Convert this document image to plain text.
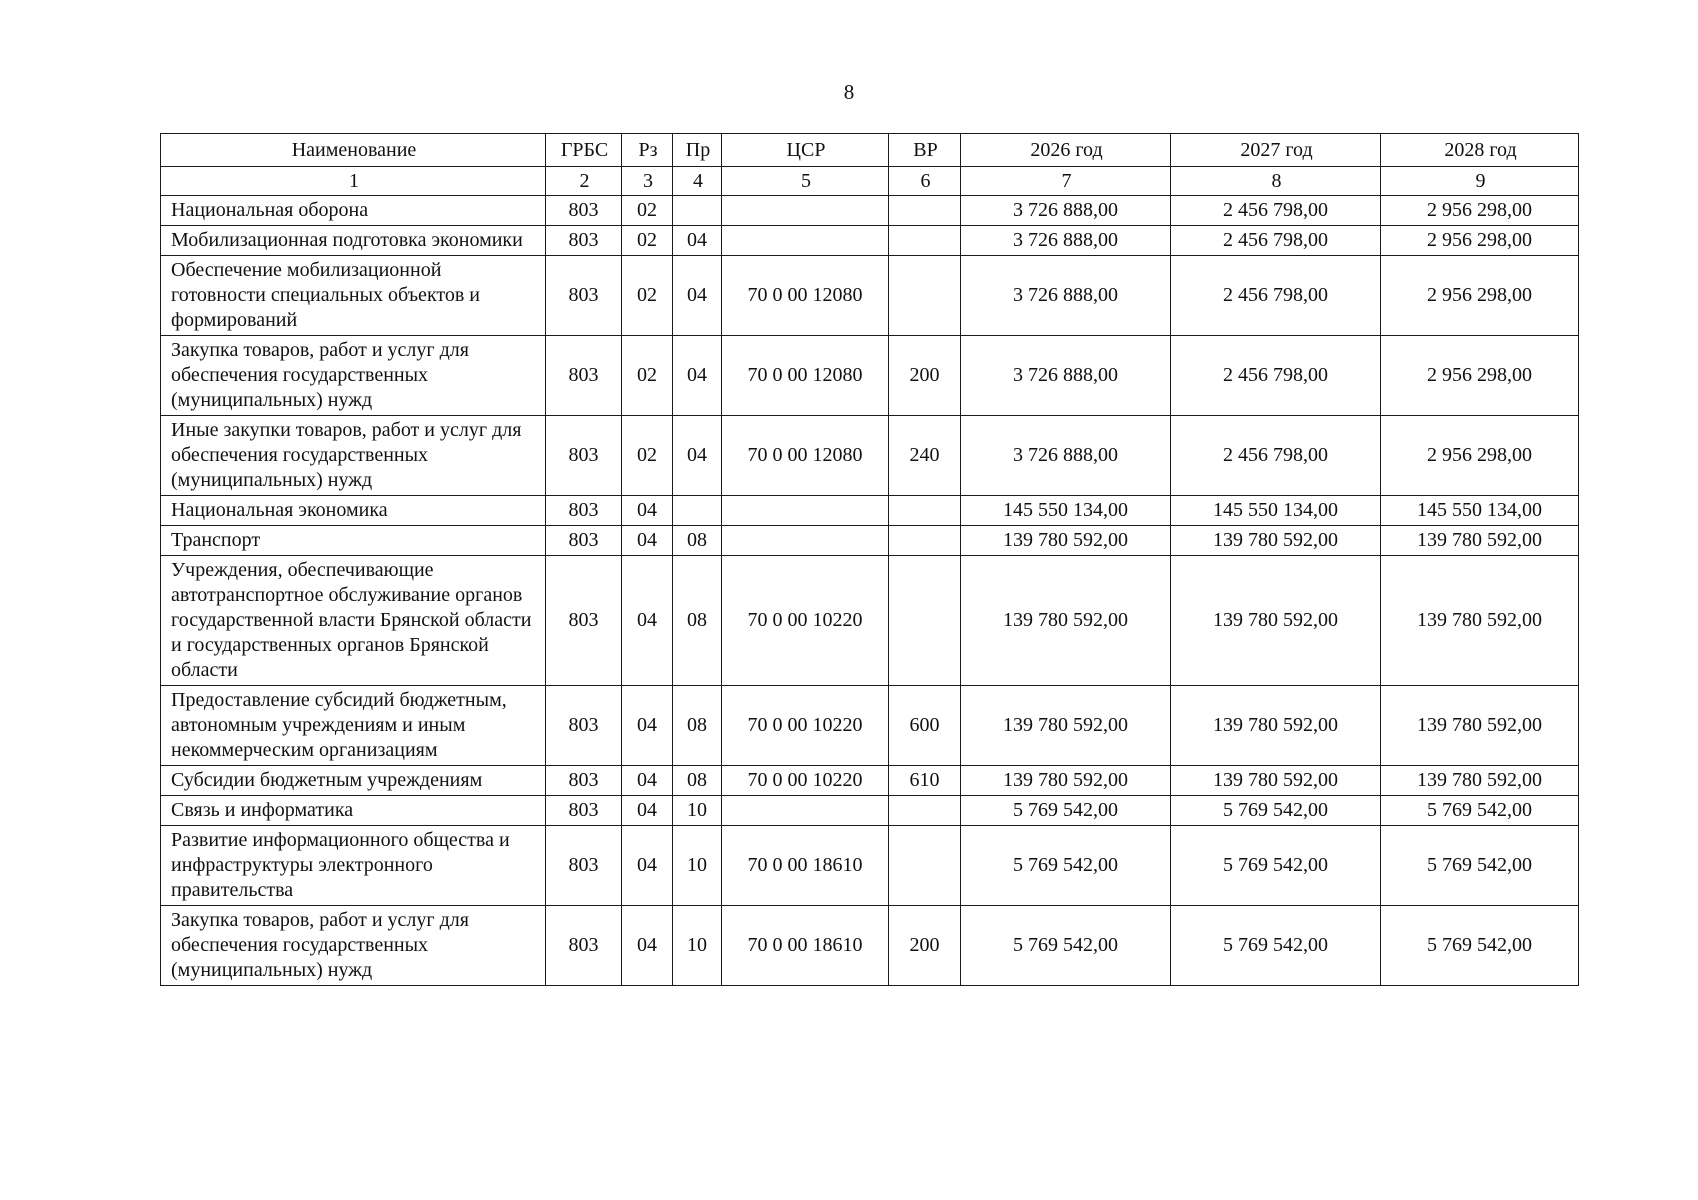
8
Наименование	ГРБС	Рз	Пр	ЦСР	ВР	2026 год	2027 год	2028 год
1	2	3	4	5	6	7	8	9
Национальная оборона	803	02				3 726 888,00	2 456 798,00	2 956 298,00
Мобилизационная подготовка экономики	803	02	04			3 726 888,00	2 456 798,00	2 956 298,00
Обеспечение мобилизационной готовности специальных объектов и формирований	803	02	04	70 0 00 12080		3 726 888,00	2 456 798,00	2 956 298,00
Закупка товаров, работ и услуг для обеспечения государственных (муниципальных) нужд	803	02	04	70 0 00 12080	200	3 726 888,00	2 456 798,00	2 956 298,00
Иные закупки товаров, работ и услуг для обеспечения государственных (муниципальных) нужд	803	02	04	70 0 00 12080	240	3 726 888,00	2 456 798,00	2 956 298,00
Национальная экономика	803	04				145 550 134,00	145 550 134,00	145 550 134,00
Транспорт	803	04	08			139 780 592,00	139 780 592,00	139 780 592,00
Учреждения, обеспечивающие автотранспортное обслуживание органов государственной власти Брянской области и государственных органов Брянской области	803	04	08	70 0 00 10220		139 780 592,00	139 780 592,00	139 780 592,00
Предоставление субсидий бюджетным, автономным учреждениям и иным некоммерческим организациям	803	04	08	70 0 00 10220	600	139 780 592,00	139 780 592,00	139 780 592,00
Субсидии бюджетным учреждениям	803	04	08	70 0 00 10220	610	139 780 592,00	139 780 592,00	139 780 592,00
Связь и информатика	803	04	10			5 769 542,00	5 769 542,00	5 769 542,00
Развитие информационного общества и инфраструктуры электронного правительства	803	04	10	70 0 00 18610		5 769 542,00	5 769 542,00	5 769 542,00
Закупка товаров, работ и услуг для обеспечения государственных (муниципальных) нужд	803	04	10	70 0 00 18610	200	5 769 542,00	5 769 542,00	5 769 542,00
